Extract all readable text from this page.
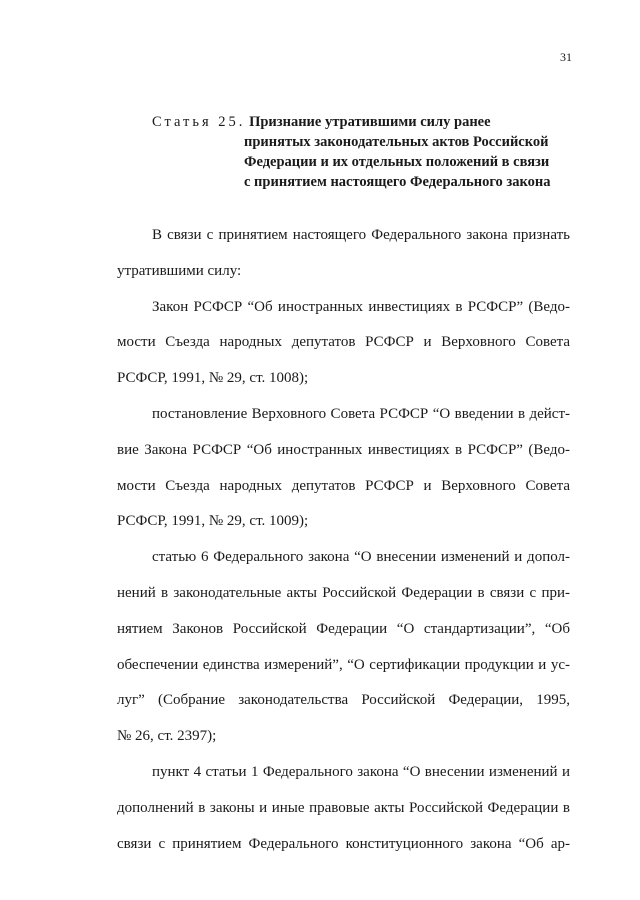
31
Статья 25. Признание утратившими силу ранее
принятых законодательных актов Российской
Федерации и их отдельных положений в связи
с принятием настоящего Федерального закона
В связи с принятием настоящего Федерального закона признать
утратившими силу:
Закон РСФСР “Об иностранных инвестициях в РСФСР” (Ведо-
мости Съезда народных депутатов РСФСР и Верховного Совета
РСФСР, 1991, № 29, ст. 1008);
постановление Верховного Совета РСФСР “О введении в дейст-
вие Закона РСФСР “Об иностранных инвестициях в РСФСР” (Ведо-
мости Съезда народных депутатов РСФСР и Верховного Совета
РСФСР, 1991, № 29, ст. 1009);
статью 6 Федерального закона “О внесении изменений и допол-
нений в законодательные акты Российской Федерации в связи с при-
нятием Законов Российской Федерации “О стандартизации”, “Об
обеспечении единства измерений”, “О сертификации продукции и ус-
луг” (Собрание законодательства Российской Федерации, 1995,
№ 26, ст. 2397);
пункт 4 статьи 1 Федерального закона “О внесении изменений и
дополнений в законы и иные правовые акты Российской Федерации в
связи с принятием Федерального конституционного закона “Об ар-
